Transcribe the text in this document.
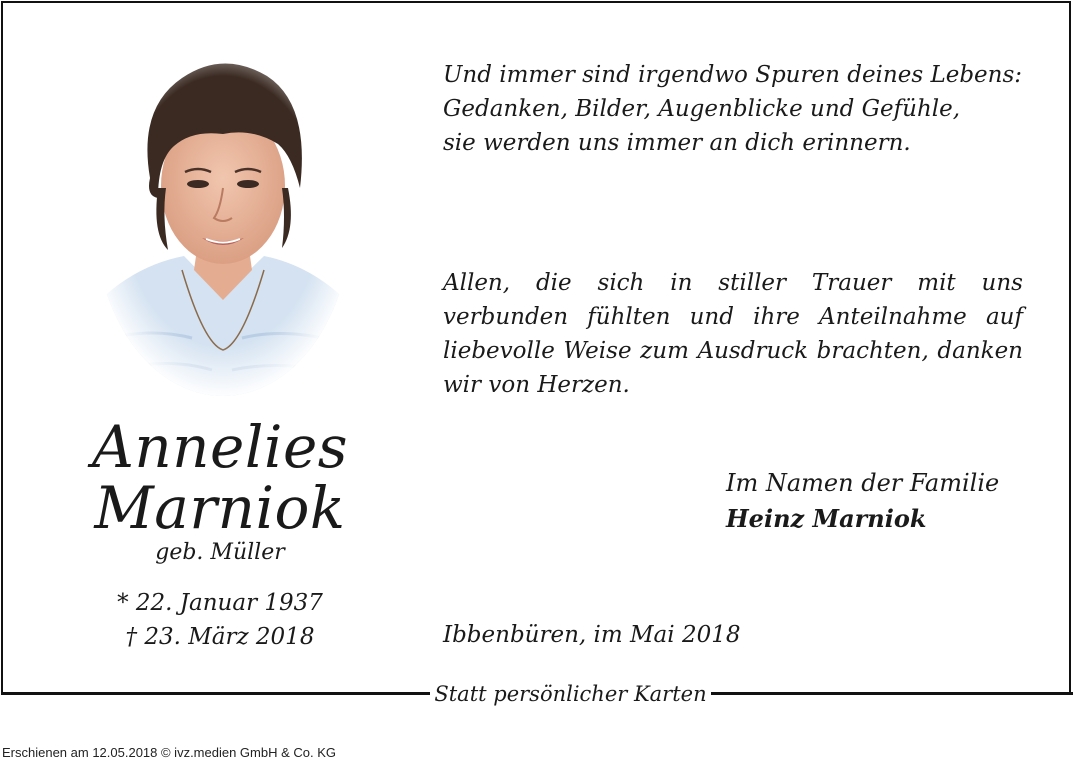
Statt persönlicher Karten
Annelies
Marniok
geb. Müller
* 22. Januar 1937
† 23. März 2018
Und immer sind irgendwo Spuren deines Lebens:
Gedanken, Bilder, Augenblicke und Gefühle,
sie werden uns immer an dich erinnern.
Allen, die sich in stiller Trauer mit uns verbunden fühlten und ihre Anteilnahme auf liebevolle Weise zum Ausdruck brachten, danken wir von Herzen.
Im Namen der Familie
Heinz Marniok
Ibbenbüren, im Mai 2018
Erschienen am 12.05.2018 © ivz.medien GmbH & Co. KG
